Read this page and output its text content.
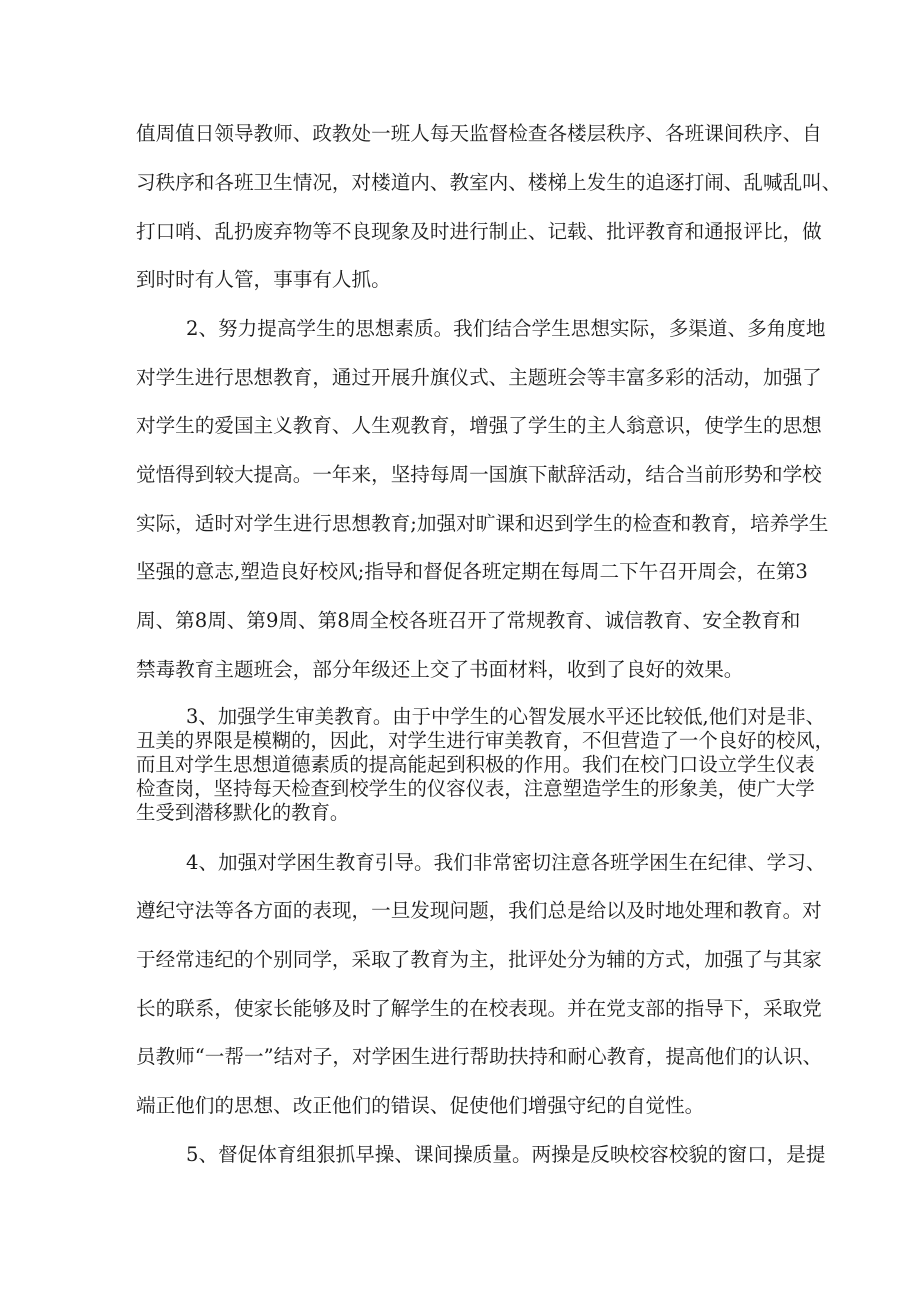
值周值日领导教师、政教处一班人每天监督检查各楼层秩序、各班课间秩序、自
习秩序和各班卫生情况，对楼道内、教室内、楼梯上发生的追逐打闹、乱喊乱叫、
打口哨、乱扔废弃物等不良现象及时进行制止、记载、批评教育和通报评比，做
到时时有人管，事事有人抓。
2、努力提高学生的思想素质。我们结合学生思想实际，多渠道、多角度地
对学生进行思想教育，通过开展升旗仪式、主题班会等丰富多彩的活动，加强了
对学生的爱国主义教育、人生观教育，增强了学生的主人翁意识，使学生的思想
觉悟得到较大提高。一年来，坚持每周一国旗下献辞活动，结合当前形势和学校
实际，适时对学生进行思想教育;加强对旷课和迟到学生的检查和教育，培养学生
坚强的意志,塑造良好校风;指导和督促各班定期在每周二下午召开周会，在第3
周、第8周、第9周、第8周全校各班召开了常规教育、诚信教育、安全教育和
禁毒教育主题班会，部分年级还上交了书面材料，收到了良好的效果。
3、加强学生审美教育。由于中学生的心智发展水平还比较低,他们对是非、
丑美的界限是模糊的，因此，对学生进行审美教育，不但营造了一个良好的校风，
而且对学生思想道德素质的提高能起到积极的作用。我们在校门口设立学生仪表
检查岗，坚持每天检查到校学生的仪容仪表，注意塑造学生的形象美，使广大学
生受到潜移默化的教育。
4、加强对学困生教育引导。我们非常密切注意各班学困生在纪律、学习、
遵纪守法等各方面的表现，一旦发现问题，我们总是给以及时地处理和教育。对
于经常违纪的个别同学，采取了教育为主，批评处分为辅的方式，加强了与其家
长的联系，使家长能够及时了解学生的在校表现。并在党支部的指导下，采取党
员教师“一帮一”结对子，对学困生进行帮助扶持和耐心教育，提高他们的认识、
端正他们的思想、改正他们的错误、促使他们增强守纪的自觉性。
5、督促体育组狠抓早操、课间操质量。两操是反映校容校貌的窗口，是提
